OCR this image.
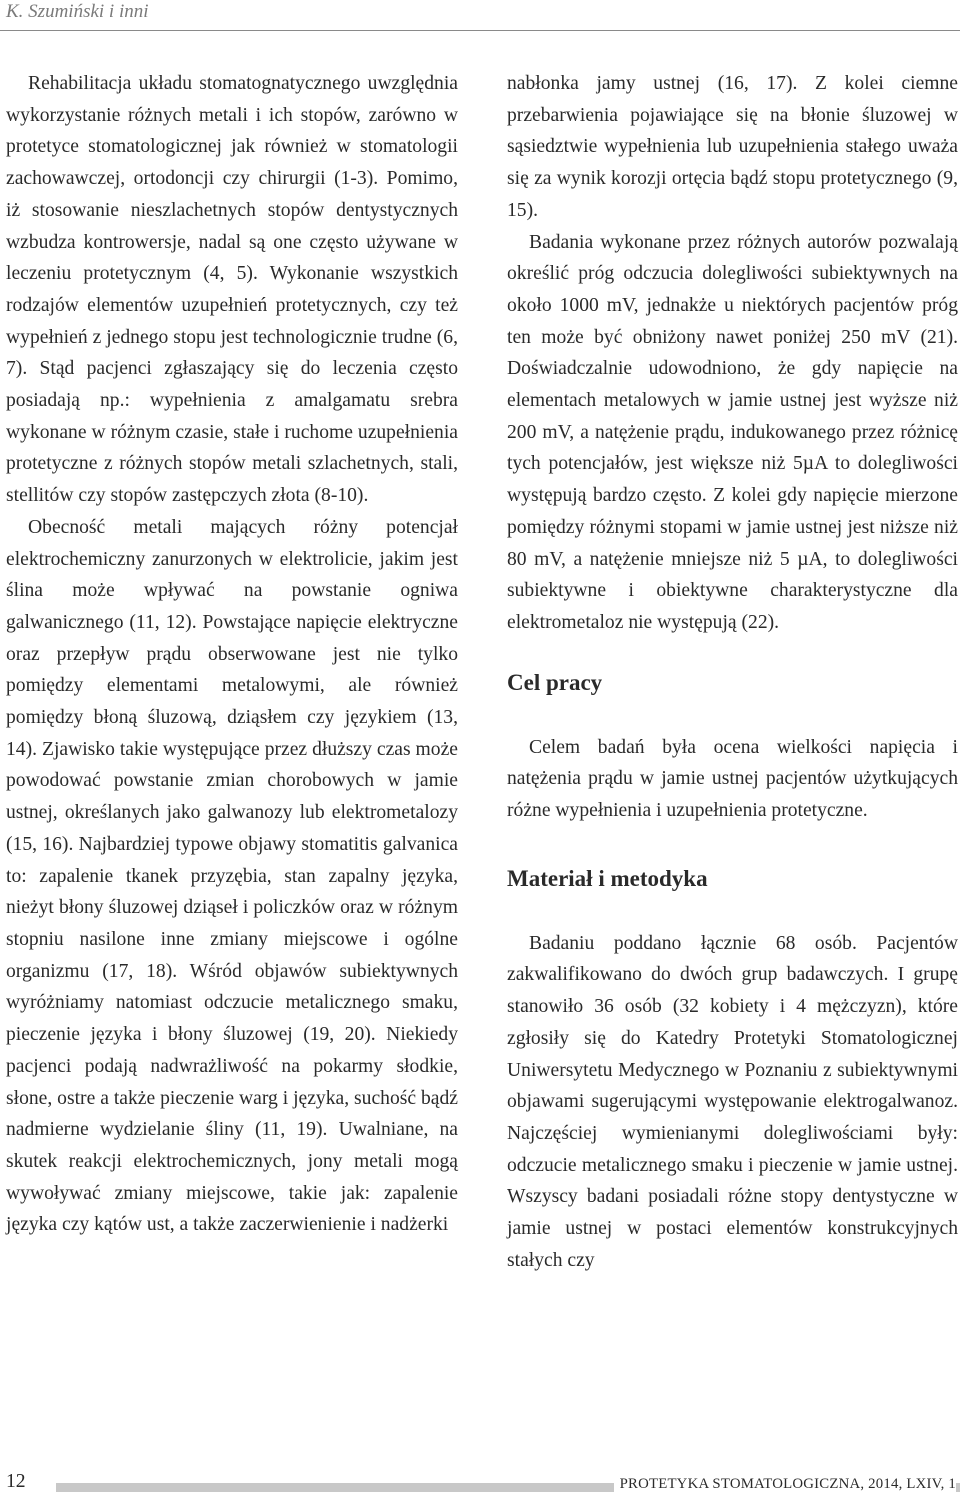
K. Szumiński i inni

Rehabilitacja układu stomatognatycznego uwzględnia wykorzystanie różnych metali i ich stopów, zarówno w protetyce stomatologicznej jak również w stomatologii zachowawczej, ortodoncji czy chirurgii (1-3). Pomimo, iż stosowanie nieszlachetnych stopów dentystycznych wzbudza kontrowersje, nadal są one często używane w leczeniu protetycznym (4, 5). Wykonanie wszystkich rodzajów elementów uzupełnień protetycznych, czy też wypełnień z jednego stopu jest technologicznie trudne (6, 7). Stąd pacjenci zgłaszający się do leczenia często posiadają np.: wypełnienia z amalgamatu srebra wykonane w różnym czasie, stałe i ruchome uzupełnienia protetyczne z różnych stopów metali szlachetnych, stali, stellitów czy stopów zastępczych złota (8-10).

Obecność metali mających różny potencjał elektrochemiczny zanurzonych w elektrolicie, jakim jest ślina może wpływać na powstanie ogniwa galwanicznego (11, 12). Powstające napięcie elektryczne oraz przepływ prądu obserwowane jest nie tylko pomiędzy elementami metalowymi, ale również pomiędzy błoną śluzową, dziąsłem czy językiem (13, 14). Zjawisko takie występujące przez dłuższy czas może powodować powstanie zmian chorobowych w jamie ustnej, określanych jako galwanozy lub elektrometalozy (15, 16). Najbardziej typowe objawy stomatitis galvanica to: zapalenie tkanek przyzębia, stan zapalny języka, nieżyt błony śluzowej dziąseł i policzków oraz w różnym stopniu nasilone inne zmiany miejscowe i ogólne organizmu (17, 18). Wśród objawów subiektywnych wyróżniamy natomiast odczucie metalicznego smaku, pieczenie języka i błony śluzowej (19, 20). Niekiedy pacjenci podają nadwrażliwość na pokarmy słodkie, słone, ostre a także pieczenie warg i języka, suchość bądź nadmierne wydzielanie śliny (11, 19). Uwalniane, na skutek reakcji elektrochemicznych, jony metali mogą wywoływać zmiany miejscowe, takie jak: zapalenie języka czy kątów ust, a także zaczerwienienie i nadżerki

nabłonka jamy ustnej (16, 17). Z kolei ciemne przebarwienia pojawiające się na błonie śluzowej w sąsiedztwie wypełnienia lub uzupełnienia stałego uważa się za wynik korozji ortęcia bądź stopu protetycznego (9, 15).

Badania wykonane przez różnych autorów pozwalają określić próg odczucia dolegliwości subiektywnych na około 1000 mV, jednakże u niektórych pacjentów próg ten może być obniżony nawet poniżej 250 mV (21). Doświadczalnie udowodniono, że gdy napięcie na elementach metalowych w jamie ustnej jest wyższe niż 200 mV, a natężenie prądu, indukowanego przez różnicę tych potencjałów, jest większe niż 5µA to dolegliwości występują bardzo często. Z kolei gdy napięcie mierzone pomiędzy różnymi stopami w jamie ustnej jest niższe niż 80 mV, a natężenie mniejsze niż 5 µA, to dolegliwości subiektywne i obiektywne charakterystyczne dla elektrometaloz nie występują (22).

Cel pracy

Celem badań była ocena wielkości napięcia i natężenia prądu w jamie ustnej pacjentów użytkujących różne wypełnienia i uzupełnienia protetyczne.

Materiał i metodyka

Badaniu poddano łącznie 68 osób. Pacjentów zakwalifikowano do dwóch grup badawczych. I grupę stanowiło 36 osób (32 kobiety i 4 mężczyzn), które zgłosiły się do Katedry Protetyki Stomatologicznej Uniwersytetu Medycznego w Poznaniu z subiektywnymi objawami sugerującymi występowanie elektrogalwanoz. Najczęściej wymienianymi dolegliwościami były: odczucie metalicznego smaku i pieczenie w jamie ustnej. Wszyscy badani posiadali różne stopy dentystyczne w jamie ustnej w postaci elementów konstrukcyjnych stałych czy

12	PROTETYKA STOMATOLOGICZNA, 2014, LXIV, 1
